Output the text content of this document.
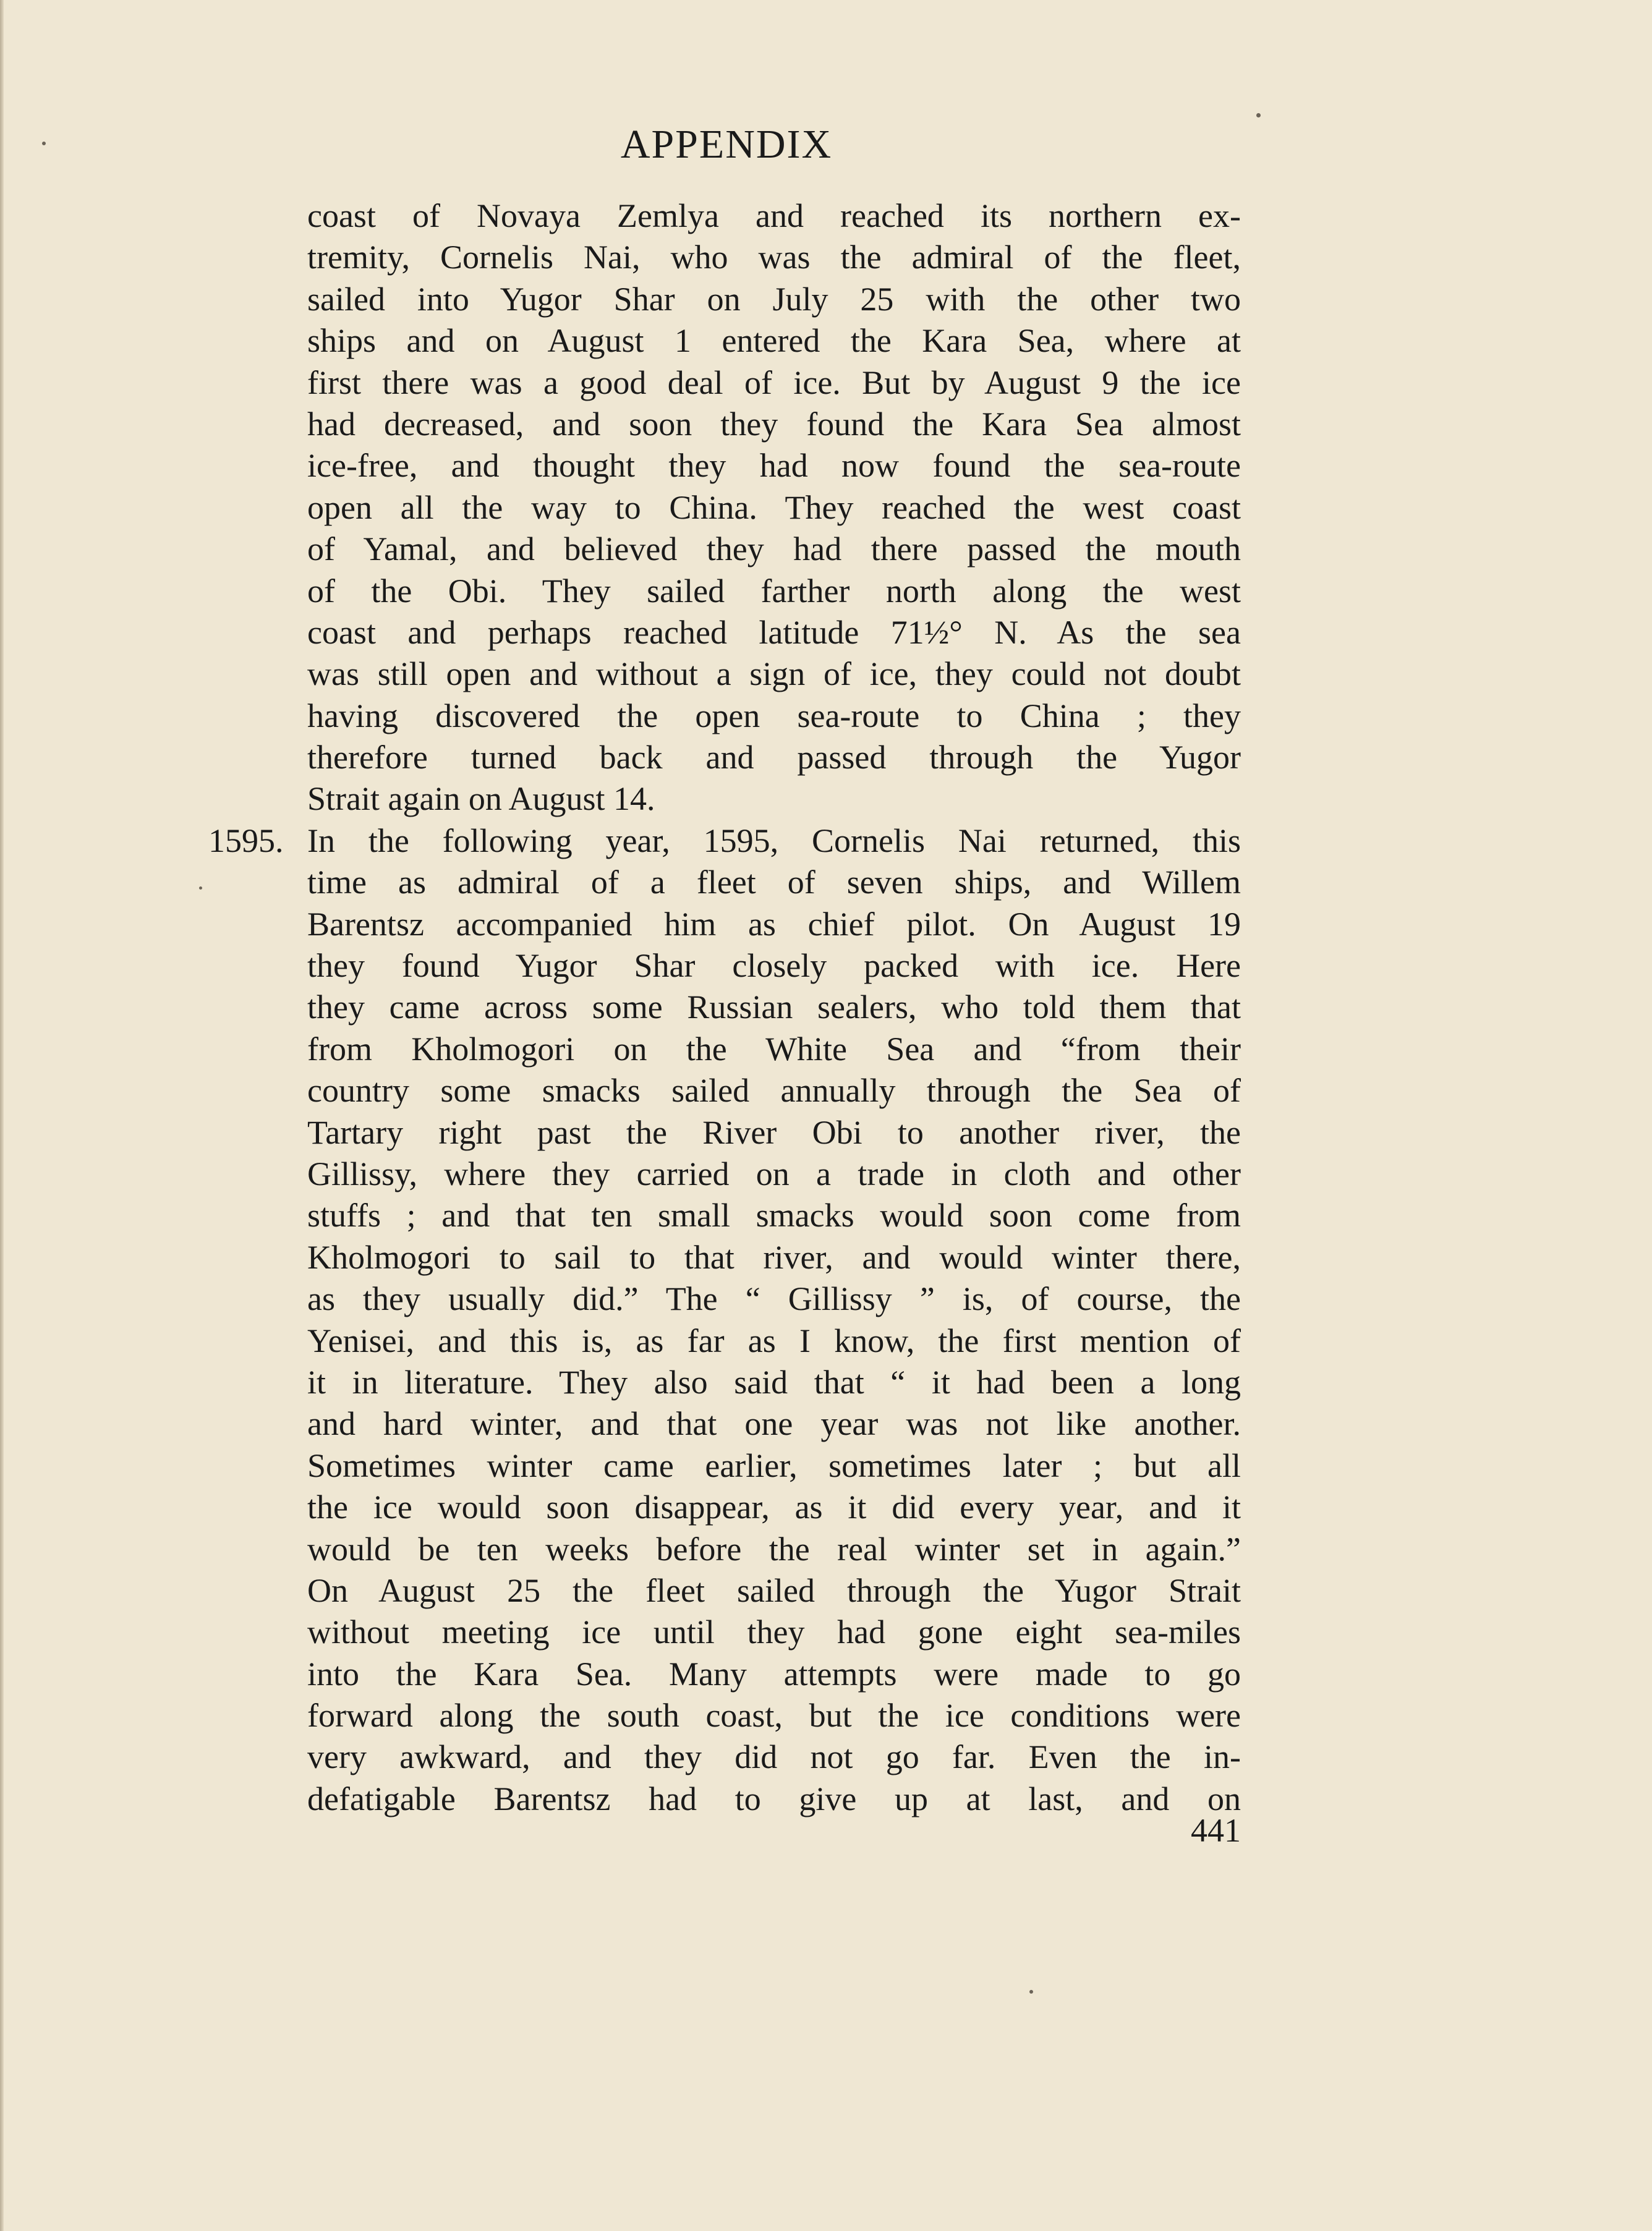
APPENDIX
1595.
coast of Novaya Zemlya and reached its northern ex-
tremity, Cornelis Nai, who was the admiral of the fleet,
sailed into Yugor Shar on July 25 with the other two
ships and on August 1 entered the Kara Sea, where at
first there was a good deal of ice. But by August 9 the ice
had decreased, and soon they found the Kara Sea almost
ice-free, and thought they had now found the sea-route
open all the way to China. They reached the west coast
of Yamal, and believed they had there passed the mouth
of the Obi. They sailed farther north along the west
coast and perhaps reached latitude 71½° N. As the sea
was still open and without a sign of ice, they could not doubt
having discovered the open sea-route to China ; they
therefore turned back and passed through the Yugor
Strait again on August 14.
In the following year, 1595, Cornelis Nai returned, this
time as admiral of a fleet of seven ships, and Willem
Barentsz accompanied him as chief pilot. On August 19
they found Yugor Shar closely packed with ice. Here
they came across some Russian sealers, who told them that
from Kholmogori on the White Sea and “from their
country some smacks sailed annually through the Sea of
Tartary right past the River Obi to another river, the
Gillissy, where they carried on a trade in cloth and other
stuffs ; and that ten small smacks would soon come from
Kholmogori to sail to that river, and would winter there,
as they usually did.” The “ Gillissy ” is, of course, the
Yenisei, and this is, as far as I know, the first mention of
it in literature. They also said that “ it had been a long
and hard winter, and that one year was not like another.
Sometimes winter came earlier, sometimes later ; but all
the ice would soon disappear, as it did every year, and it
would be ten weeks before the real winter set in again.”
On August 25 the fleet sailed through the Yugor Strait
without meeting ice until they had gone eight sea-miles
into the Kara Sea. Many attempts were made to go
forward along the south coast, but the ice conditions were
very awkward, and they did not go far. Even the in-
defatigable Barentsz had to give up at last, and on

441
